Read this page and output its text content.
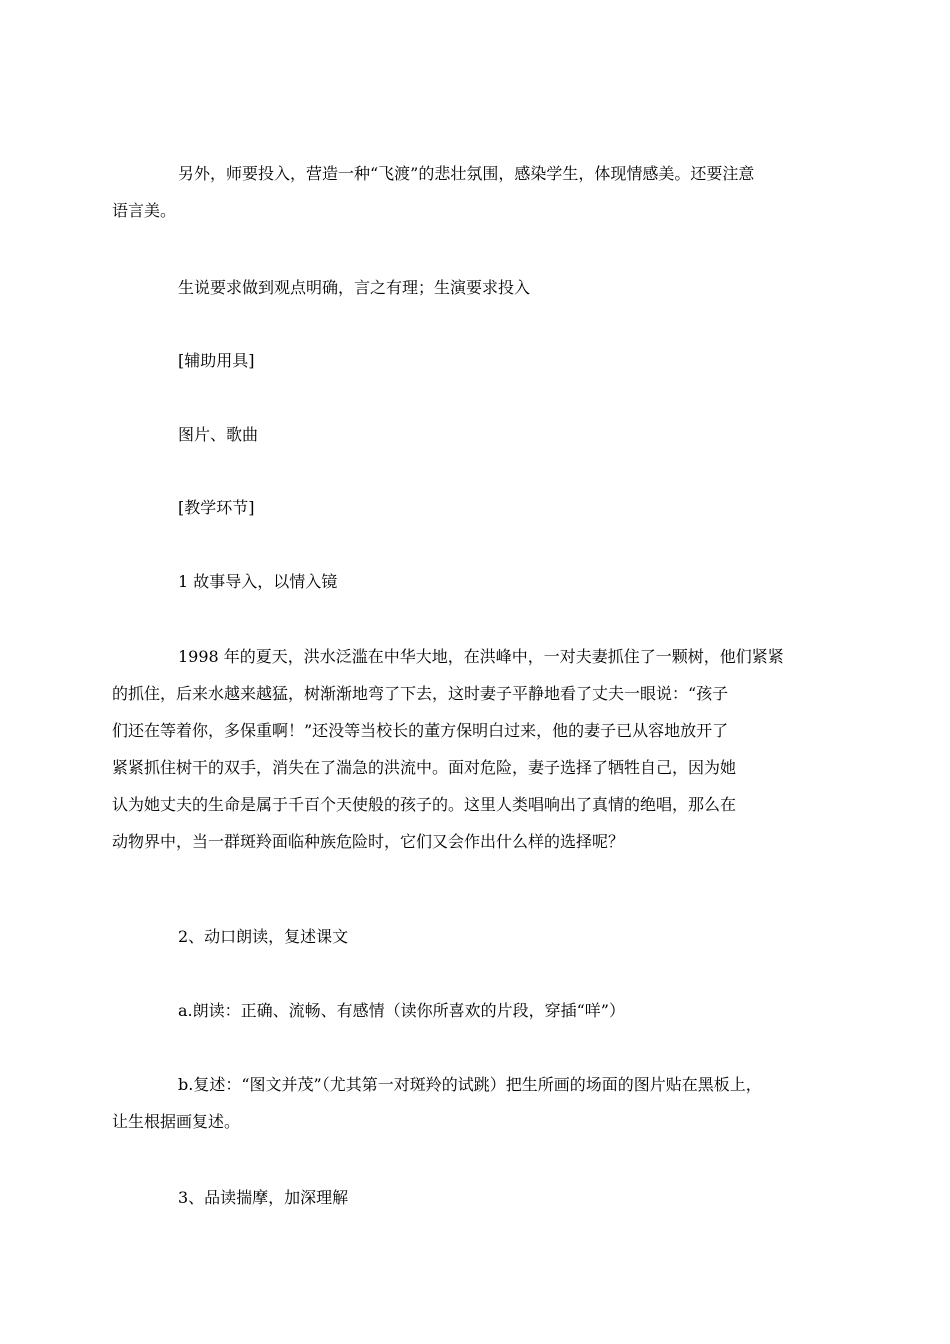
另外，师要投入，营造一种“飞渡”的悲壮氛围，感染学生，体现情感美。还要注意
语言美。

生说要求做到观点明确，言之有理；生演要求投入

[辅助用具]

图片、歌曲

[教学环节]

1 故事导入，以情入镜

1998 年的夏天，洪水泛滥在中华大地，在洪峰中，一对夫妻抓住了一颗树，他们紧紧
的抓住，后来水越来越猛，树渐渐地弯了下去，这时妻子平静地看了丈夫一眼说：“孩子
们还在等着你，多保重啊！”还没等当校长的董方保明白过来，他的妻子已从容地放开了
紧紧抓住树干的双手，消失在了湍急的洪流中。面对危险，妻子选择了牺牲自己，因为她
认为她丈夫的生命是属于千百个天使般的孩子的。这里人类唱响出了真情的绝唱，那么在
动物界中，当一群斑羚面临种族危险时，它们又会作出什么样的选择呢？

2、动口朗读，复述课文

a.朗读：正确、流畅、有感情（读你所喜欢的片段，穿插“咩”）

b.复述：“图文并茂”（尤其第一对斑羚的试跳）把生所画的场面的图片贴在黑板上，
让生根据画复述。

3、品读揣摩，加深理解
